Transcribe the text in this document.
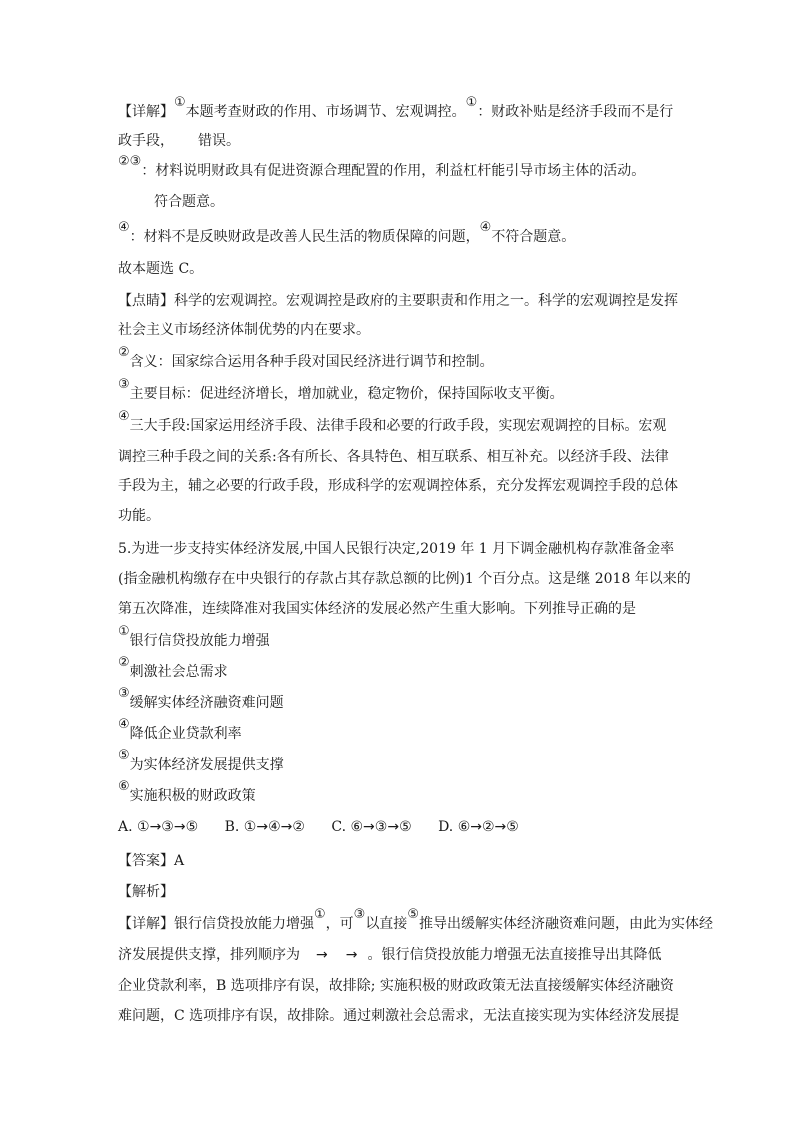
【详解】①本题考查财政的作用、市场调节、宏观调控。①：财政补贴是经济手段而不是行
政手段， 错误。
②③：材料说明财政具有促进资源合理配置的作用，利益杠杆能引导市场主体的活动。
符合题意。
④：材料不是反映财政是改善人民生活的物质保障的问题，④不符合题意。
故本题选 C。
【点睛】科学的宏观调控。宏观调控是政府的主要职责和作用之一。科学的宏观调控是发挥
社会主义市场经济体制优势的内在要求。
②含义：国家综合运用各种手段对国民经济进行调节和控制。
③主要目标：促进经济增长，增加就业，稳定物价，保持国际收支平衡。
④三大手段:国家运用经济手段、法律手段和必要的行政手段，实现宏观调控的目标。宏观
调控三种手段之间的关系:各有所长、各具特色、相互联系、相互补充。以经济手段、法律
手段为主，辅之必要的行政手段，形成科学的宏观调控体系，充分发挥宏观调控手段的总体
功能。
5.为进一步支持实体经济发展,中国人民银行决定,2019 年 1 月下调金融机构存款准备金率
(指金融机构缴存在中央银行的存款占其存款总额的比例)1 个百分点。这是继 2018 年以来的
第五次降准，连续降准对我国实体经济的发展必然产生重大影响。下列推导正确的是
①银行信贷投放能力增强
②刺激社会总需求
③缓解实体经济融资难问题
④降低企业贷款利率
⑤为实体经济发展提供支撑
⑥实施积极的财政政策
A. ①→③→⑤ B. ①→④→② C. ⑥→③→⑤ D. ⑥→②→⑤
【答案】A
【解析】
【详解】银行信贷投放能力增强①，可③以直接⑤推导出缓解实体经济融资难问题，由此为实体经
济发展提供支撑，排列顺序为 → → 。银行信贷投放能力增强无法直接推导出其降低
企业贷款利率，B 选项排序有误，故排除; 实施积极的财政政策无法直接缓解实体经济融资
难问题，C 选项排序有误，故排除。通过刺激社会总需求，无法直接实现为实体经济发展提
